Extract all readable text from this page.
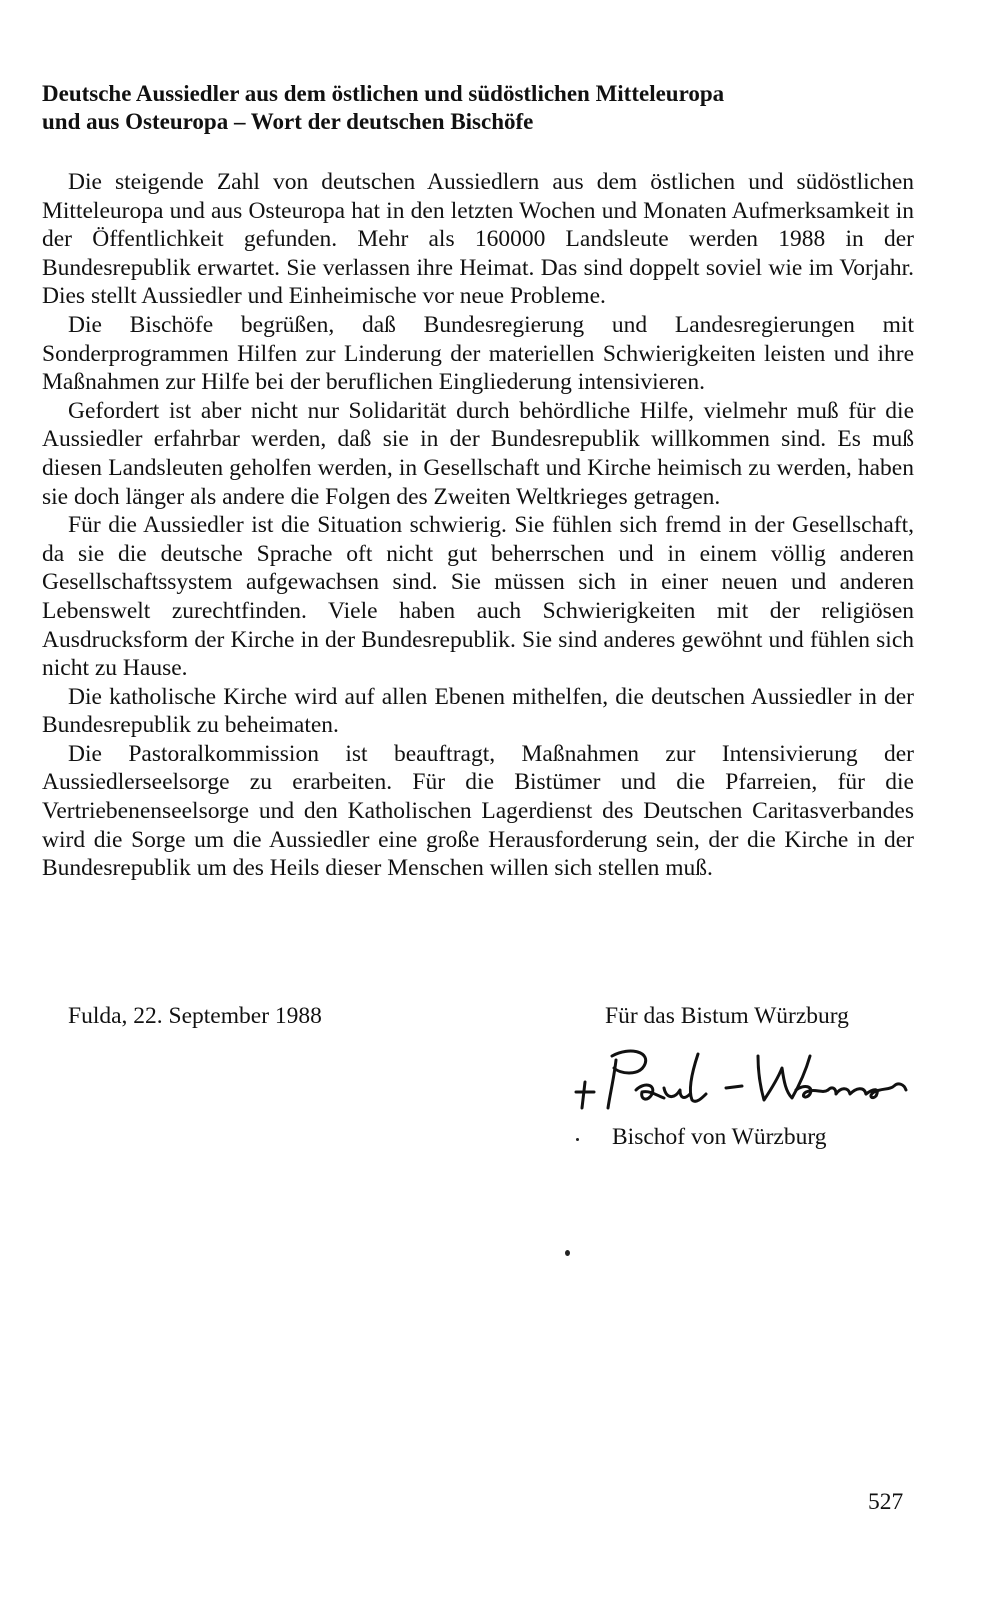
Deutsche Aussiedler aus dem östlichen und südöstlichen Mitteleuropa
und aus Osteuropa – Wort der deutschen Bischöfe

Die steigende Zahl von deutschen Aussiedlern aus dem östlichen und südöstlichen Mitteleuropa und aus Osteuropa hat in den letzten Wochen und Monaten Aufmerksamkeit in der Öffentlichkeit gefunden. Mehr als 160000 Landsleute werden 1988 in der Bundesrepublik erwartet. Sie verlassen ihre Heimat. Das sind doppelt soviel wie im Vorjahr. Dies stellt Aussiedler und Einheimische vor neue Probleme.

Die Bischöfe begrüßen, daß Bundesregierung und Landesregierungen mit Sonderprogrammen Hilfen zur Linderung der materiellen Schwierigkeiten leisten und ihre Maßnahmen zur Hilfe bei der beruflichen Eingliederung intensivieren.

Gefordert ist aber nicht nur Solidarität durch behördliche Hilfe, vielmehr muß für die Aussiedler erfahrbar werden, daß sie in der Bundesrepublik willkommen sind. Es muß diesen Landsleuten geholfen werden, in Gesellschaft und Kirche heimisch zu werden, haben sie doch länger als andere die Folgen des Zweiten Weltkrieges getragen.

Für die Aussiedler ist die Situation schwierig. Sie fühlen sich fremd in der Gesellschaft, da sie die deutsche Sprache oft nicht gut beherrschen und in einem völlig anderen Gesellschaftssystem aufgewachsen sind. Sie müssen sich in einer neuen und anderen Lebenswelt zurechtfinden. Viele haben auch Schwierigkeiten mit der religiösen Ausdrucksform der Kirche in der Bundesrepublik. Sie sind anderes gewöhnt und fühlen sich nicht zu Hause.

Die katholische Kirche wird auf allen Ebenen mithelfen, die deutschen Aussiedler in der Bundesrepublik zu beheimaten.

Die Pastoralkommission ist beauftragt, Maßnahmen zur Intensivierung der Aussiedlerseelsorge zu erarbeiten. Für die Bistümer und die Pfarreien, für die Vertriebenenseelsorge und den Katholischen Lagerdienst des Deutschen Caritasverbandes wird die Sorge um die Aussiedler eine große Herausforderung sein, der die Kirche in der Bundesrepublik um des Heils dieser Menschen willen sich stellen muß.

Fulda, 22. September 1988	Für das Bistum Würzburg
Bischof von Würzburg
527
